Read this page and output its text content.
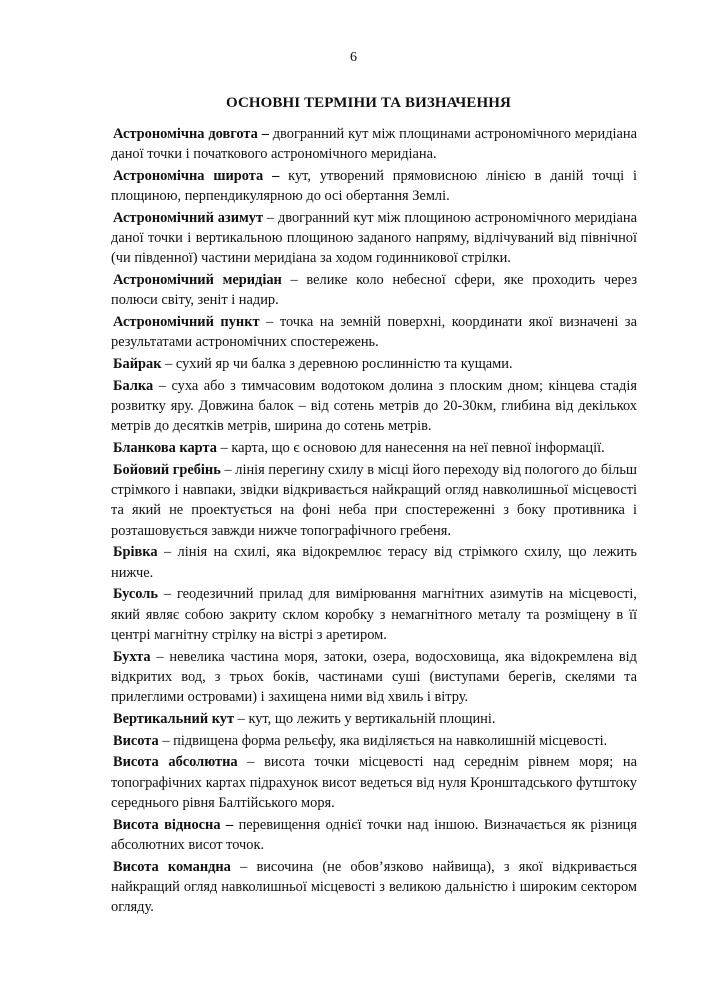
6
ОСНОВНІ ТЕРМІНИ ТА ВИЗНАЧЕННЯ

Астрономічна довгота – двогранний кут між площинами астрономічного меридіана даної точки і початкового астрономічного меридіана.

Астрономічна широта – кут, утворений прямовисною лінією в даній точці і площиною, перпендикулярною до осі обертання Землі.

Астрономічний азимут – двогранний кут між площиною астрономічного меридіана даної точки і вертикальною площиною заданого напряму, відлічуваний від північної (чи південної) частини меридіана за ходом годинникової стрілки.

Астрономічний меридіан – велике коло небесної сфери, яке проходить через полюси світу, зеніт і надир.

Астрономічний пункт – точка на земній поверхні, координати якої визначені за результатами астрономічних спостережень.

Байрак – сухий яр чи балка з деревною рослинністю та кущами.

Балка – суха або з тимчасовим водотоком долина з плоским дном; кінцева стадія розвитку яру. Довжина балок – від сотень метрів до 20-30км, глибина від декількох метрів до десятків метрів, ширина до сотень метрів.

Бланкова карта – карта, що є основою для нанесення на неї певної інформації.

Бойовий гребінь – лінія перегину схилу в місці його переходу від пологого до більш стрімкого і навпаки, звідки відкривається найкращий огляд навколишньої місцевості та який не проектується на фоні неба при спостереженні з боку противника і розташовується завжди нижче топографічного гребеня.

Брівка – лінія на схилі, яка відокремлює терасу від стрімкого схилу, що лежить нижче.

Бусоль – геодезичний прилад для вимірювання магнітних азимутів на місцевості, який являє собою закриту склом коробку з немагнітного металу та розміщену в її центрі магнітну стрілку на вістрі з аретиром.

Бухта – невелика частина моря, затоки, озера, водосховища, яка відокремлена від відкритих вод, з трьох боків, частинами суші (виступами берегів, скелями та прилеглими островами) і захищена ними від хвиль і вітру.

Вертикальний кут – кут, що лежить у вертикальній площині.

Висота – підвищена форма рельєфу, яка виділяється на навколишній місцевості.

Висота абсолютна – висота точки місцевості над середнім рівнем моря; на топографічних картах підрахунок висот ведеться від нуля Кронштадського футштоку середнього рівня Балтійського моря.

Висота відносна – перевищення однієї точки над іншою. Визначається як різниця абсолютних висот точок.

Висота командна – височина (не обов’язково найвища), з якої відкривається найкращий огляд навколишньої місцевості з великою дальністю і широким сектором огляду.
